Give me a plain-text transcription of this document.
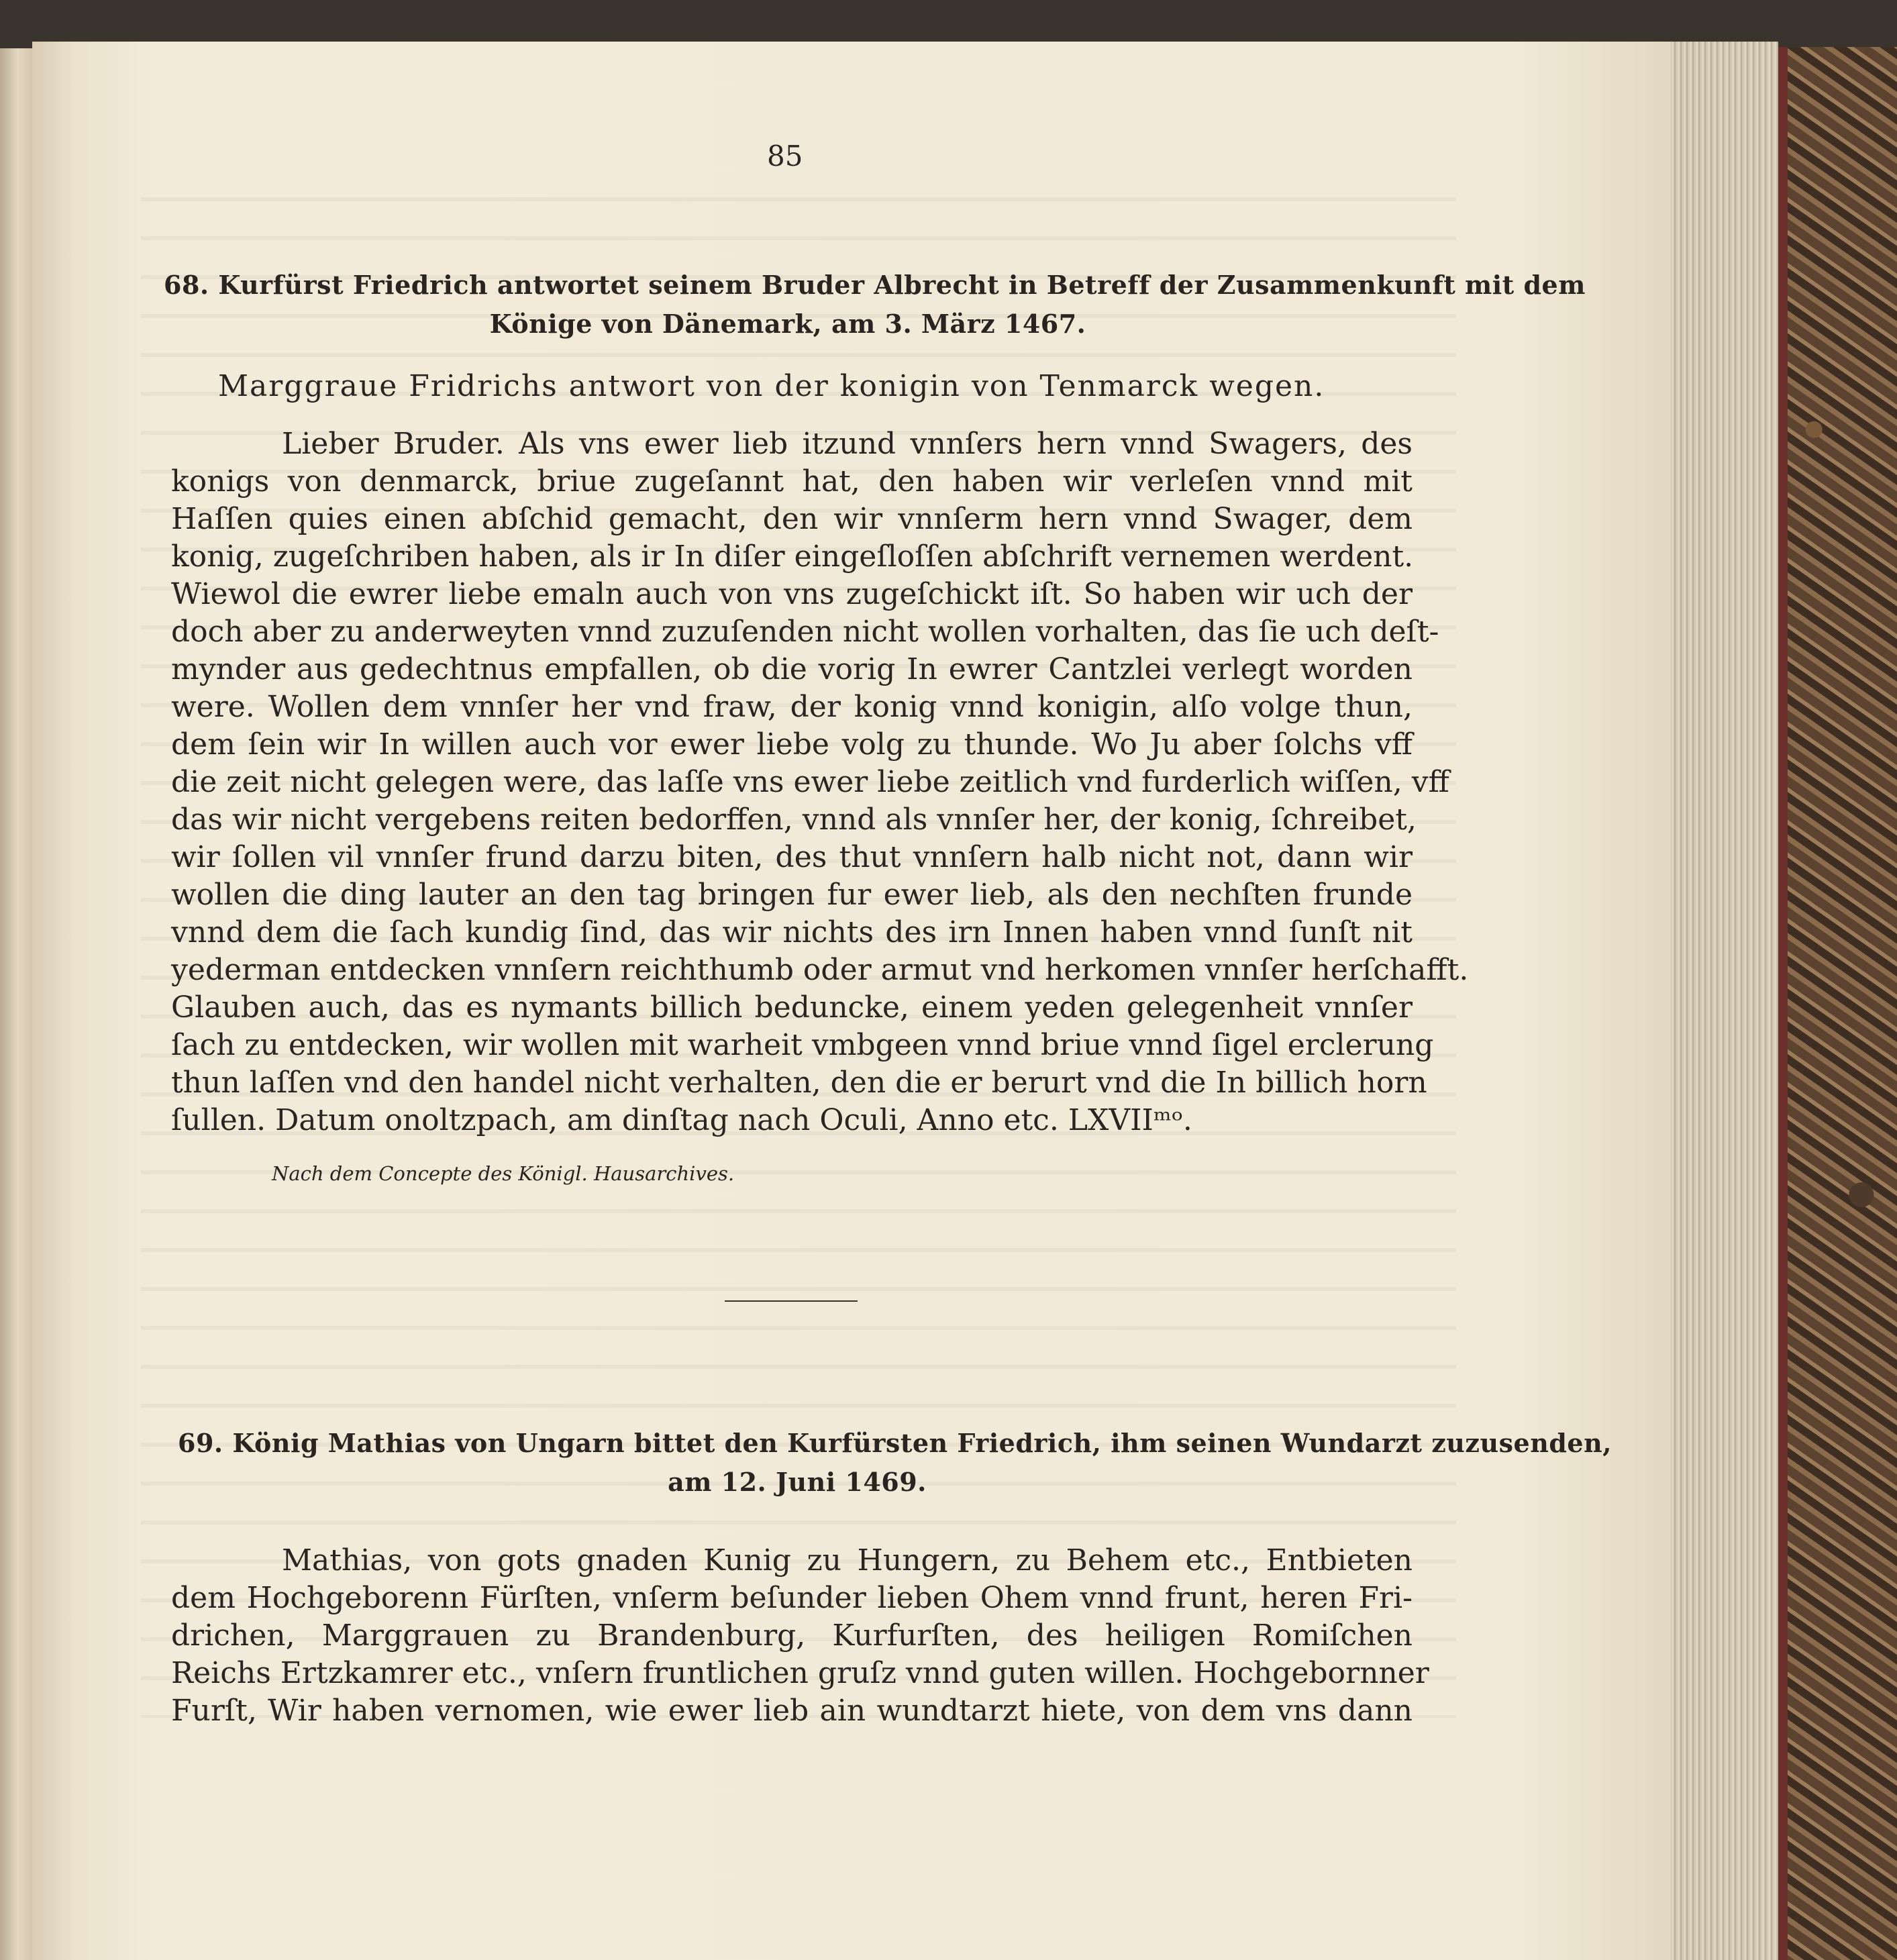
85
68. Kurfürst Friedrich antwortet seinem Bruder Albrecht in Betreff der Zusammenkunft mit dem
Könige von Dänemark, am 3. März 1467.
Marggraue Fridrichs antwort von der konigin von Tenmarck wegen.
Lieber Bruder. Als vns ewer lieb itzund vnnſers hern vnnd Swagers, des
konigs von denmarck, briue zugeſannt hat, den haben wir verleſen vnnd mit
Haſſen quies einen abſchid gemacht, den wir vnnſerm hern vnnd Swager, dem
konig, zugeſchriben haben, als ir In diſer eingeſloſſen abſchrift vernemen werdent.
Wiewol die ewrer liebe emaln auch von vns zugeſchickt iſt. So haben wir uch der
doch aber zu anderweyten vnnd zuzuſenden nicht wollen vorhalten, das ſie uch deſt-
mynder aus gedechtnus empfallen, ob die vorig In ewrer Cantzlei verlegt worden
were. Wollen dem vnnſer her vnd fraw, der konig vnnd konigin, alſo volge thun,
dem ſein wir In willen auch vor ewer liebe volg zu thunde. Wo Ju aber ſolchs vff
die zeit nicht gelegen were, das laſſe vns ewer liebe zeitlich vnd furderlich wiſſen, vff
das wir nicht vergebens reiten bedorffen, vnnd als vnnſer her, der konig, ſchreibet,
wir ſollen vil vnnſer frund darzu biten, des thut vnnſern halb nicht not, dann wir
wollen die ding lauter an den tag bringen fur ewer lieb, als den nechſten frunde
vnnd dem die ſach kundig ſind, das wir nichts des irn Innen haben vnnd ſunſt nit
yederman entdecken vnnſern reichthumb oder armut vnd herkomen vnnſer herſchafft.
Glauben auch, das es nymants billich beduncke, einem yeden gelegenheit vnnſer
ſach zu entdecken, wir wollen mit warheit vmbgeen vnnd briue vnnd ſigel erclerung
thun laſſen vnd den handel nicht verhalten, den die er berurt vnd die In billich horn
ſullen. Datum onoltzpach, am dinſtag nach Oculi, Anno etc. LXVIIᵐᵒ.
Nach dem Concepte des Königl. Hausarchives.
69. König Mathias von Ungarn bittet den Kurfürsten Friedrich, ihm seinen Wundarzt zuzusenden,
am 12. Juni 1469.
Mathias, von gots gnaden Kunig zu Hungern, zu Behem etc., Entbieten
dem Hochgeborenn Fürſten, vnſerm beſunder lieben Ohem vnnd frunt, heren Fri-
drichen, Marggrauen zu Brandenburg, Kurfurſten, des heiligen Romiſchen
Reichs Ertzkamrer etc., vnſern fruntlichen gruſz vnnd guten willen. Hochgebornner
Furſt, Wir haben vernomen, wie ewer lieb ain wundtarzt hiete, von dem vns dann
